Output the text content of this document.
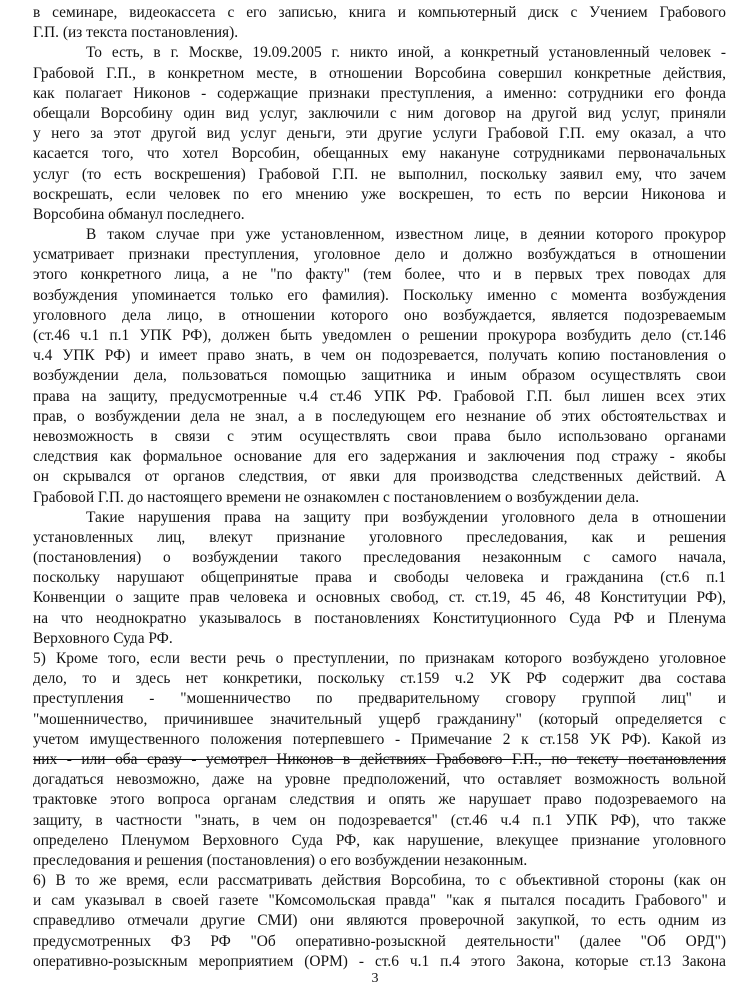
в семинаре, видеокассета с его записью, книга и компьютерный диск с Учением Грабового
Г.П. (из текста постановления).
То есть, в г. Москве, 19.09.2005 г. никто иной, а конкретный установленный человек -
Грабовой Г.П., в конкретном месте, в отношении Ворсобина совершил конкретные действия,
как полагает Никонов - содержащие признаки преступления, а именно: сотрудники его фонда
обещали Ворсобину один вид услуг, заключили с ним договор на другой вид услуг, приняли
у него за этот другой вид услуг деньги, эти другие услуги Грабовой Г.П. ему оказал, а что
касается того, что хотел Ворсобин, обещанных ему накануне сотрудниками первоначальных
услуг (то есть воскрешения) Грабовой Г.П. не выполнил, поскольку заявил ему, что зачем
воскрешать, если человек по его мнению уже воскрешен, то есть по версии Никонова и
Ворсобина обманул последнего.
В таком случае при уже установленном, известном лице, в деянии которого прокурор
усматривает признаки преступления, уголовное дело и должно возбуждаться в отношении
этого конкретного лица, а не "по факту" (тем более, что и в первых трех поводах для
возбуждения упоминается только его фамилия). Поскольку именно с момента возбуждения
уголовного дела лицо, в отношении которого оно возбуждается, является подозреваемым
(ст.46 ч.1 п.1 УПК РФ), должен быть уведомлен о решении прокурора возбудить дело (ст.146
ч.4 УПК РФ) и имеет право знать, в чем он подозревается, получать копию постановления о
возбуждении дела, пользоваться помощью защитника и иным образом осуществлять свои
права на защиту, предусмотренные ч.4 ст.46 УПК РФ. Грабовой Г.П. был лишен всех этих
прав, о возбуждении дела не знал, а в последующем его незнание об этих обстоятельствах и
невозможность в связи с этим осуществлять свои права было использовано органами
следствия как формальное основание для его задержания и заключения под стражу - якобы
он скрывался от органов следствия, от явки для производства следственных действий. А
Грабовой Г.П. до настоящего времени не ознакомлен с постановлением о возбуждении дела.
Такие нарушения права на защиту при возбуждении уголовного дела в отношении
установленных лиц, влекут признание уголовного преследования, как и решения
(постановления) о возбуждении такого преследования незаконным с самого начала,
поскольку нарушают общепринятые права и свободы человека и гражданина (ст.6 п.1
Конвенции о защите прав человека и основных свобод, ст. ст.19, 45 46, 48 Конституции РФ),
на что неоднократно указывалось в постановлениях Конституционного Суда РФ и Пленума
Верховного Суда РФ.
5) Кроме того, если вести речь о преступлении, по признакам которого возбуждено уголовное
дело, то и здесь нет конкретики, поскольку ст.159 ч.2 УК РФ содержит два состава
преступления - "мошенничество по предварительному сговору группой лиц" и
"мошенничество, причинившее значительный ущерб гражданину" (который определяется с
учетом имущественного положения потерпевшего - Примечание 2 к ст.158 УК РФ). Какой из
них - или оба сразу - усмотрел Никонов в действиях Грабового Г.П., по тексту постановления
догадаться невозможно, даже на уровне предположений, что оставляет возможность вольной
трактовке этого вопроса органам следствия и опять же нарушает право подозреваемого на
защиту, в частности "знать, в чем он подозревается" (ст.46 ч.4 п.1 УПК РФ), что также
определено Пленумом Верховного Суда РФ, как нарушение, влекущее признание уголовного
преследования и решения (постановления) о его возбуждении незаконным.
6) В то же время, если рассматривать действия Ворсобина, то с объективной стороны (как он
и сам указывал в своей газете "Комсомольская правда" "как я пытался посадить Грабового" и
справедливо отмечали другие СМИ) они являются проверочной закупкой, то есть одним из
предусмотренных ФЗ РФ "Об оперативно-розыскной деятельности" (далее "Об ОРД")
оперативно-розыскным мероприятием (ОРМ) - ст.6 ч.1 п.4 этого Закона, которые ст.13 Закона
3
